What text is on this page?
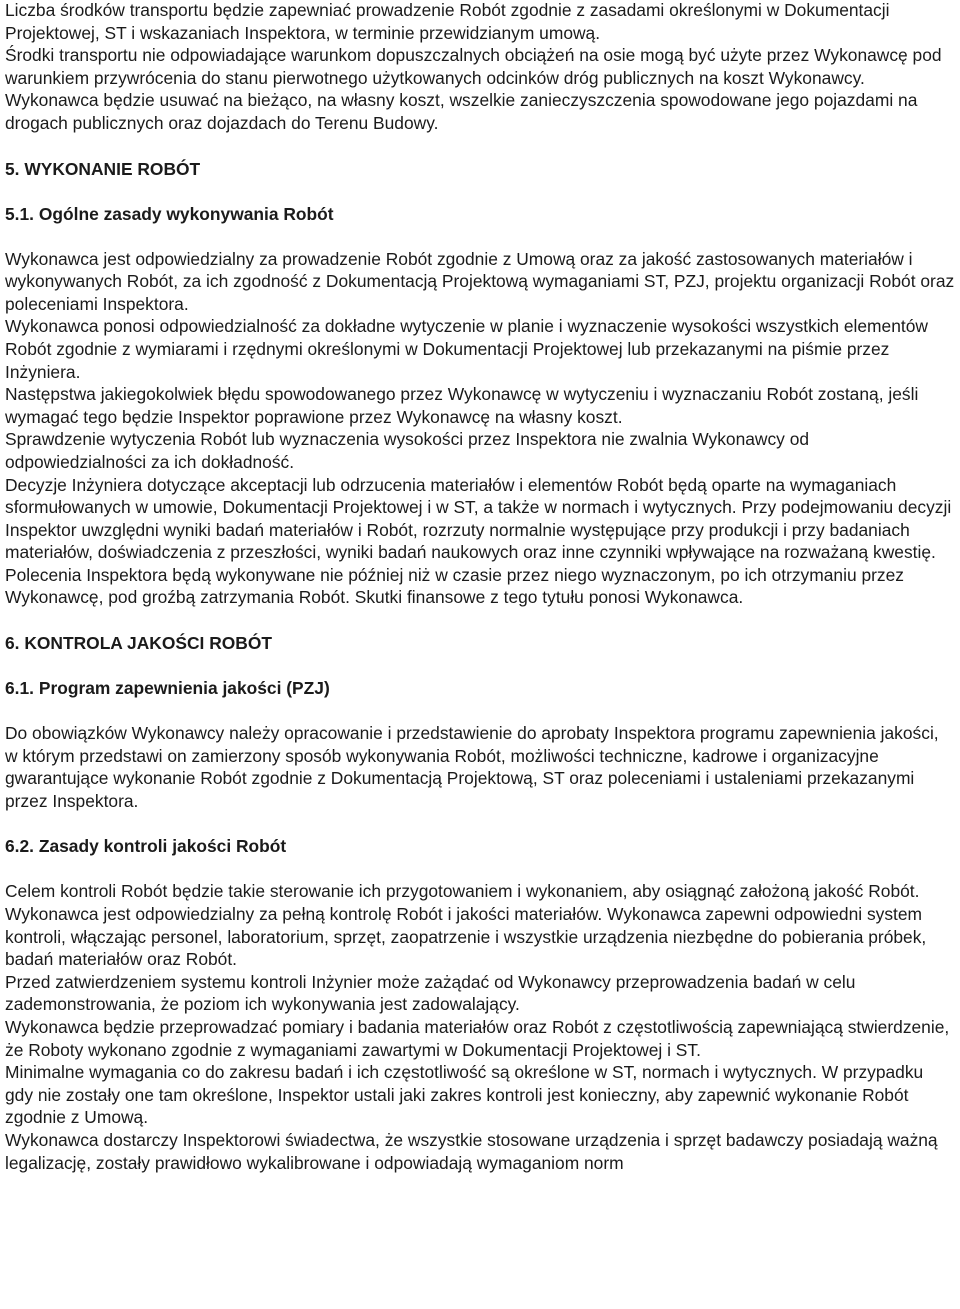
Liczba środków transportu będzie zapewniać prowadzenie Robót zgodnie z zasadami określonymi w Dokumentacji Projektowej, ST i wskazaniach Inspektora, w terminie przewidzianym umową.

Środki transportu nie odpowiadające warunkom dopuszczalnych obciążeń na osie mogą być użyte przez Wykonawcę pod warunkiem przywrócenia do stanu pierwotnego użytkowanych odcinków dróg publicznych na koszt Wykonawcy.

Wykonawca będzie usuwać na bieżąco, na własny koszt, wszelkie zanieczyszczenia spowodowane jego pojazdami na drogach publicznych oraz dojazdach do Terenu Budowy.

5. WYKONANIE ROBÓT
5.1. Ogólne zasady wykonywania Robót

Wykonawca jest odpowiedzialny za prowadzenie Robót zgodnie z Umową oraz za jakość zastosowanych materiałów i wykonywanych Robót, za ich zgodność z Dokumentacją Projektową wymaganiami ST, PZJ, projektu organizacji Robót oraz poleceniami Inspektora.

Wykonawca ponosi odpowiedzialność za dokładne wytyczenie w planie i wyznaczenie wysokości wszystkich elementów Robót zgodnie z wymiarami i rzędnymi określonymi w Dokumentacji Projektowej lub przekazanymi na piśmie przez Inżyniera.

Następstwa jakiegokolwiek błędu spowodowanego przez Wykonawcę w wytyczeniu i wyznaczaniu Robót zostaną, jeśli wymagać tego będzie Inspektor poprawione przez Wykonawcę na własny koszt.

Sprawdzenie wytyczenia Robót lub wyznaczenia wysokości przez Inspektora nie zwalnia Wykonawcy od odpowiedzialności za ich dokładność.

Decyzje Inżyniera dotyczące akceptacji lub odrzucenia materiałów i elementów Robót będą oparte na wymaganiach sformułowanych w umowie, Dokumentacji Projektowej i w ST, a także w normach i wytycznych. Przy podejmowaniu decyzji Inspektor uwzględni wyniki badań materiałów i Robót, rozrzuty normalnie występujące przy produkcji i przy badaniach materiałów, doświadczenia z przeszłości, wyniki badań naukowych oraz inne czynniki wpływające na rozważaną kwestię. Polecenia Inspektora będą wykonywane nie później niż w czasie przez niego wyznaczonym, po ich otrzymaniu przez Wykonawcę, pod groźbą zatrzymania Robót. Skutki finansowe z tego tytułu ponosi Wykonawca.

6. KONTROLA JAKOŚCI ROBÓT
6.1. Program zapewnienia jakości (PZJ)

Do obowiązków Wykonawcy należy opracowanie i przedstawienie do aprobaty Inspektora programu zapewnienia jakości, w którym przedstawi on zamierzony sposób wykonywania Robót, możliwości techniczne, kadrowe i organizacyjne gwarantujące wykonanie Robót zgodnie z Dokumentacją Projektową, ST oraz poleceniami i ustaleniami przekazanymi przez Inspektora.

6.2. Zasady kontroli jakości Robót

Celem kontroli Robót będzie takie sterowanie ich przygotowaniem i wykonaniem, aby osiągnąć założoną jakość Robót.

Wykonawca jest odpowiedzialny za pełną kontrolę Robót i jakości materiałów. Wykonawca zapewni odpowiedni system kontroli, włączając personel, laboratorium, sprzęt, zaopatrzenie i wszystkie urządzenia niezbędne do pobierania próbek, badań materiałów oraz Robót.

Przed zatwierdzeniem systemu kontroli Inżynier może zażądać od Wykonawcy przeprowadzenia badań w celu zademonstrowania, że poziom ich wykonywania jest zadowalający.

Wykonawca będzie przeprowadzać pomiary i badania materiałów oraz Robót z częstotliwością zapewniającą stwierdzenie, że Roboty wykonano zgodnie z wymaganiami zawartymi w Dokumentacji Projektowej i ST.

Minimalne wymagania co do zakresu badań i ich częstotliwość są określone w ST, normach i wytycznych. W przypadku gdy nie zostały one tam określone, Inspektor ustali jaki zakres kontroli jest konieczny, aby zapewnić wykonanie Robót zgodnie z Umową.

Wykonawca dostarczy Inspektorowi świadectwa, że wszystkie stosowane urządzenia i sprzęt badawczy posiadają ważną legalizację, zostały prawidłowo wykalibrowane i odpowiadają wymaganiom norm
